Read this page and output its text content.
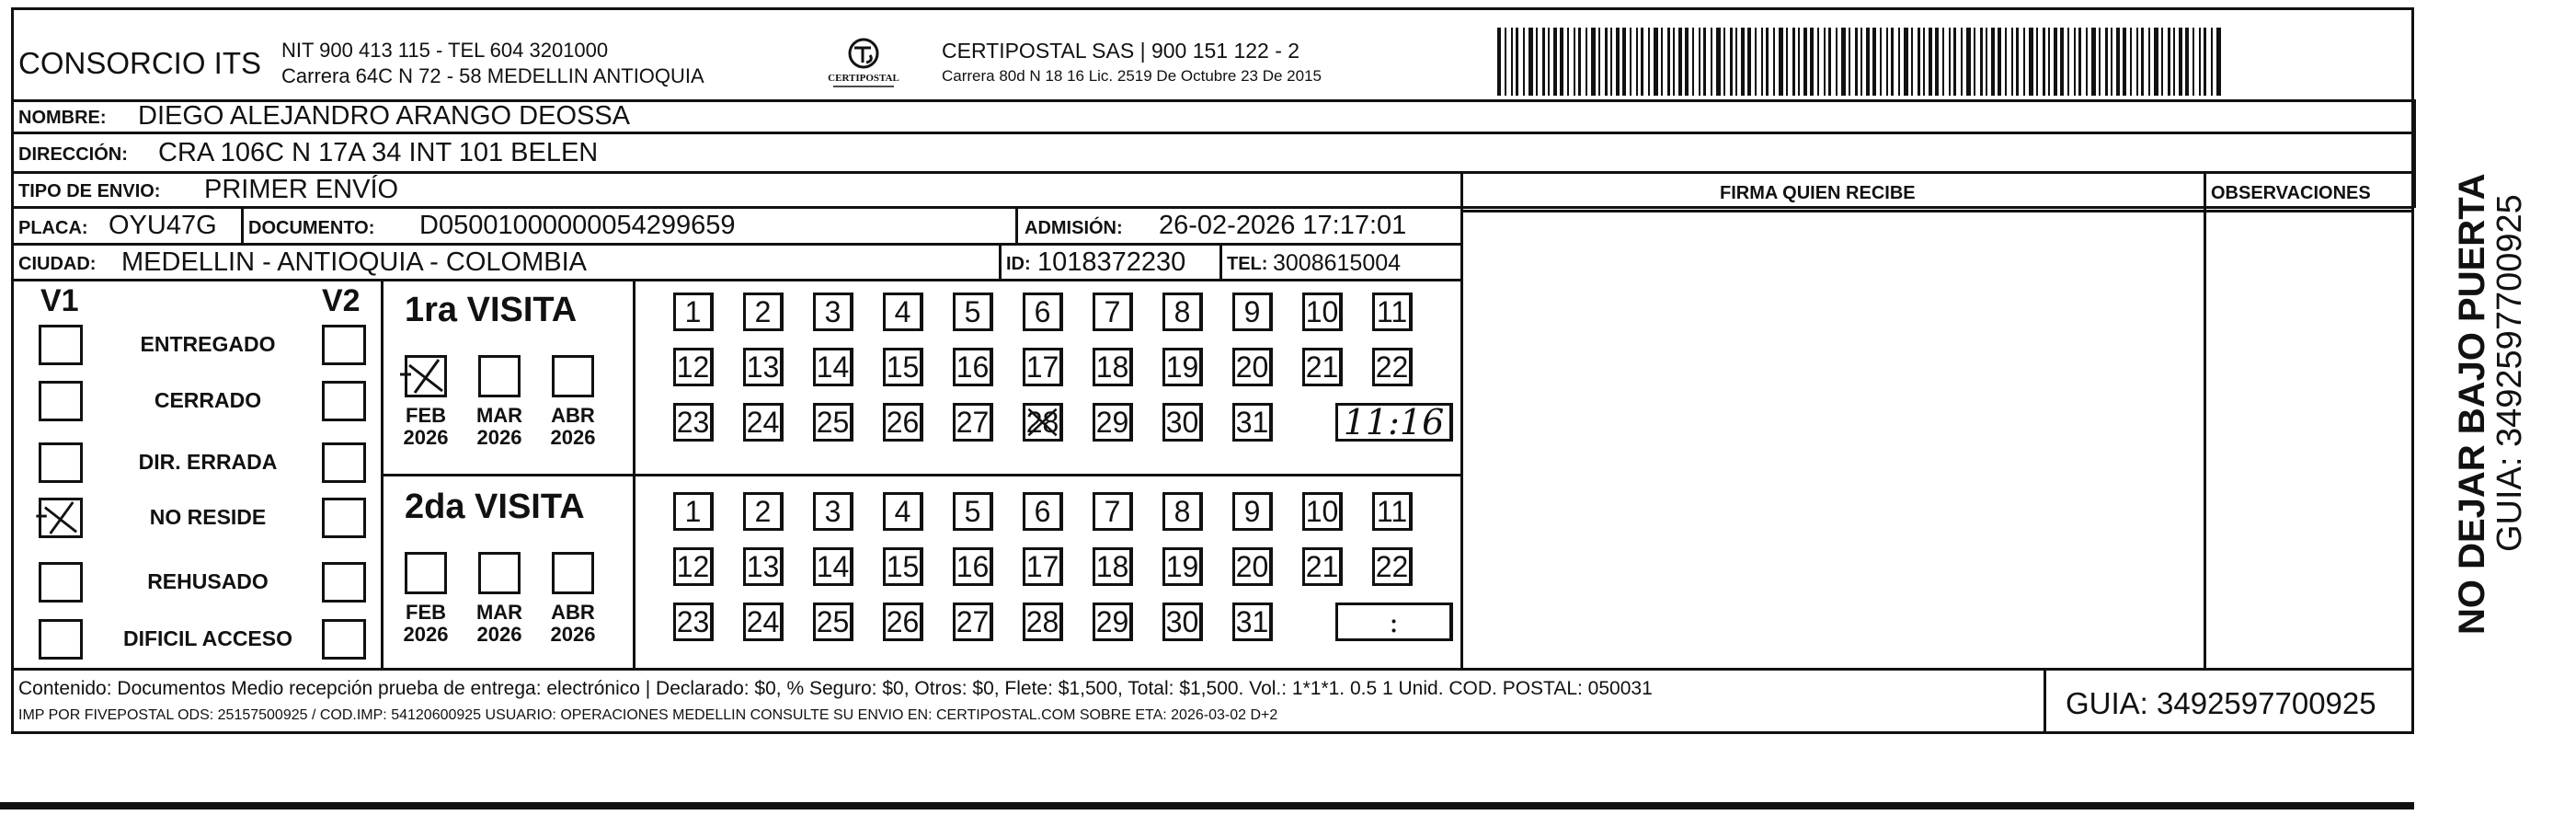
CONSORCIO ITS NIT 900 413 115 - TEL 604 3201000
Carrera 64C N 72 - 58 MEDELLIN ANTIOQUIA	CERTIPOSTAL
CERTIPOSTAL SAS | 900 151 122 - 2
Carrera 80d N 18 16 Lic. 2519 De Octubre 23 De 2015
NOMBRE: DIEGO ALEJANDRO ARANGO DEOSSA
DIRECCIÓN: CRA 106C N 17A 34 INT 101 BELEN
TIPO DE ENVIO: PRIMER ENVÍO	FIRMA QUIEN RECIBE	OBSERVACIONES
PLACA: OYU47G DOCUMENTO: D05001000000054299659	ADMISIÓN: 26-02-2026 17:17:01
CIUDAD: MEDELLIN - ANTIOQUIA - COLOMBIA	ID: 1018372230 TEL: 3008615004
V1	V2 1ra VISITA
2da VISITA
Contenido: Documentos Medio recepción prueba de entrega: electrónico | Declarado: $0, % Seguro: $0, Otros: $0, Flete: $1,500, Total: $1,500. Vol.: 1*1*1. 0.5 1 Unid. COD. POSTAL: 050031
IMP POR FIVEPOSTAL ODS: 25157500925 / COD.IMP: 54120600925 USUARIO: OPERACIONES MEDELLIN CONSULTE SU ENVIO EN: CERTIPOSTAL.COM SOBRE ETA: 2026-03-02 D+2	GUIA: 3492597700925
NO DEJAR BAJO PUERTA
GUIA: 3492597700925
ENTREGADO
CERRADO
DIR. ERRADA
NO RESIDE
REHUSADO
DIFICIL ACCESO
FEB
2026
MAR
2026
ABR
2026
FEB
2026
MAR
2026
ABR
2026
1	2	3	4	5	6	7	8	9	10 11
12 13 14 15 16 17 18 19 20 21 22
23 24 25 26 27 28 29 30 31 11:16
1	2	3	4	5	6	7	8	9	10 11
12 13 14 15 16 17 18 19 20 21 22
23 24 25 26 27 28 29 30 31	:
